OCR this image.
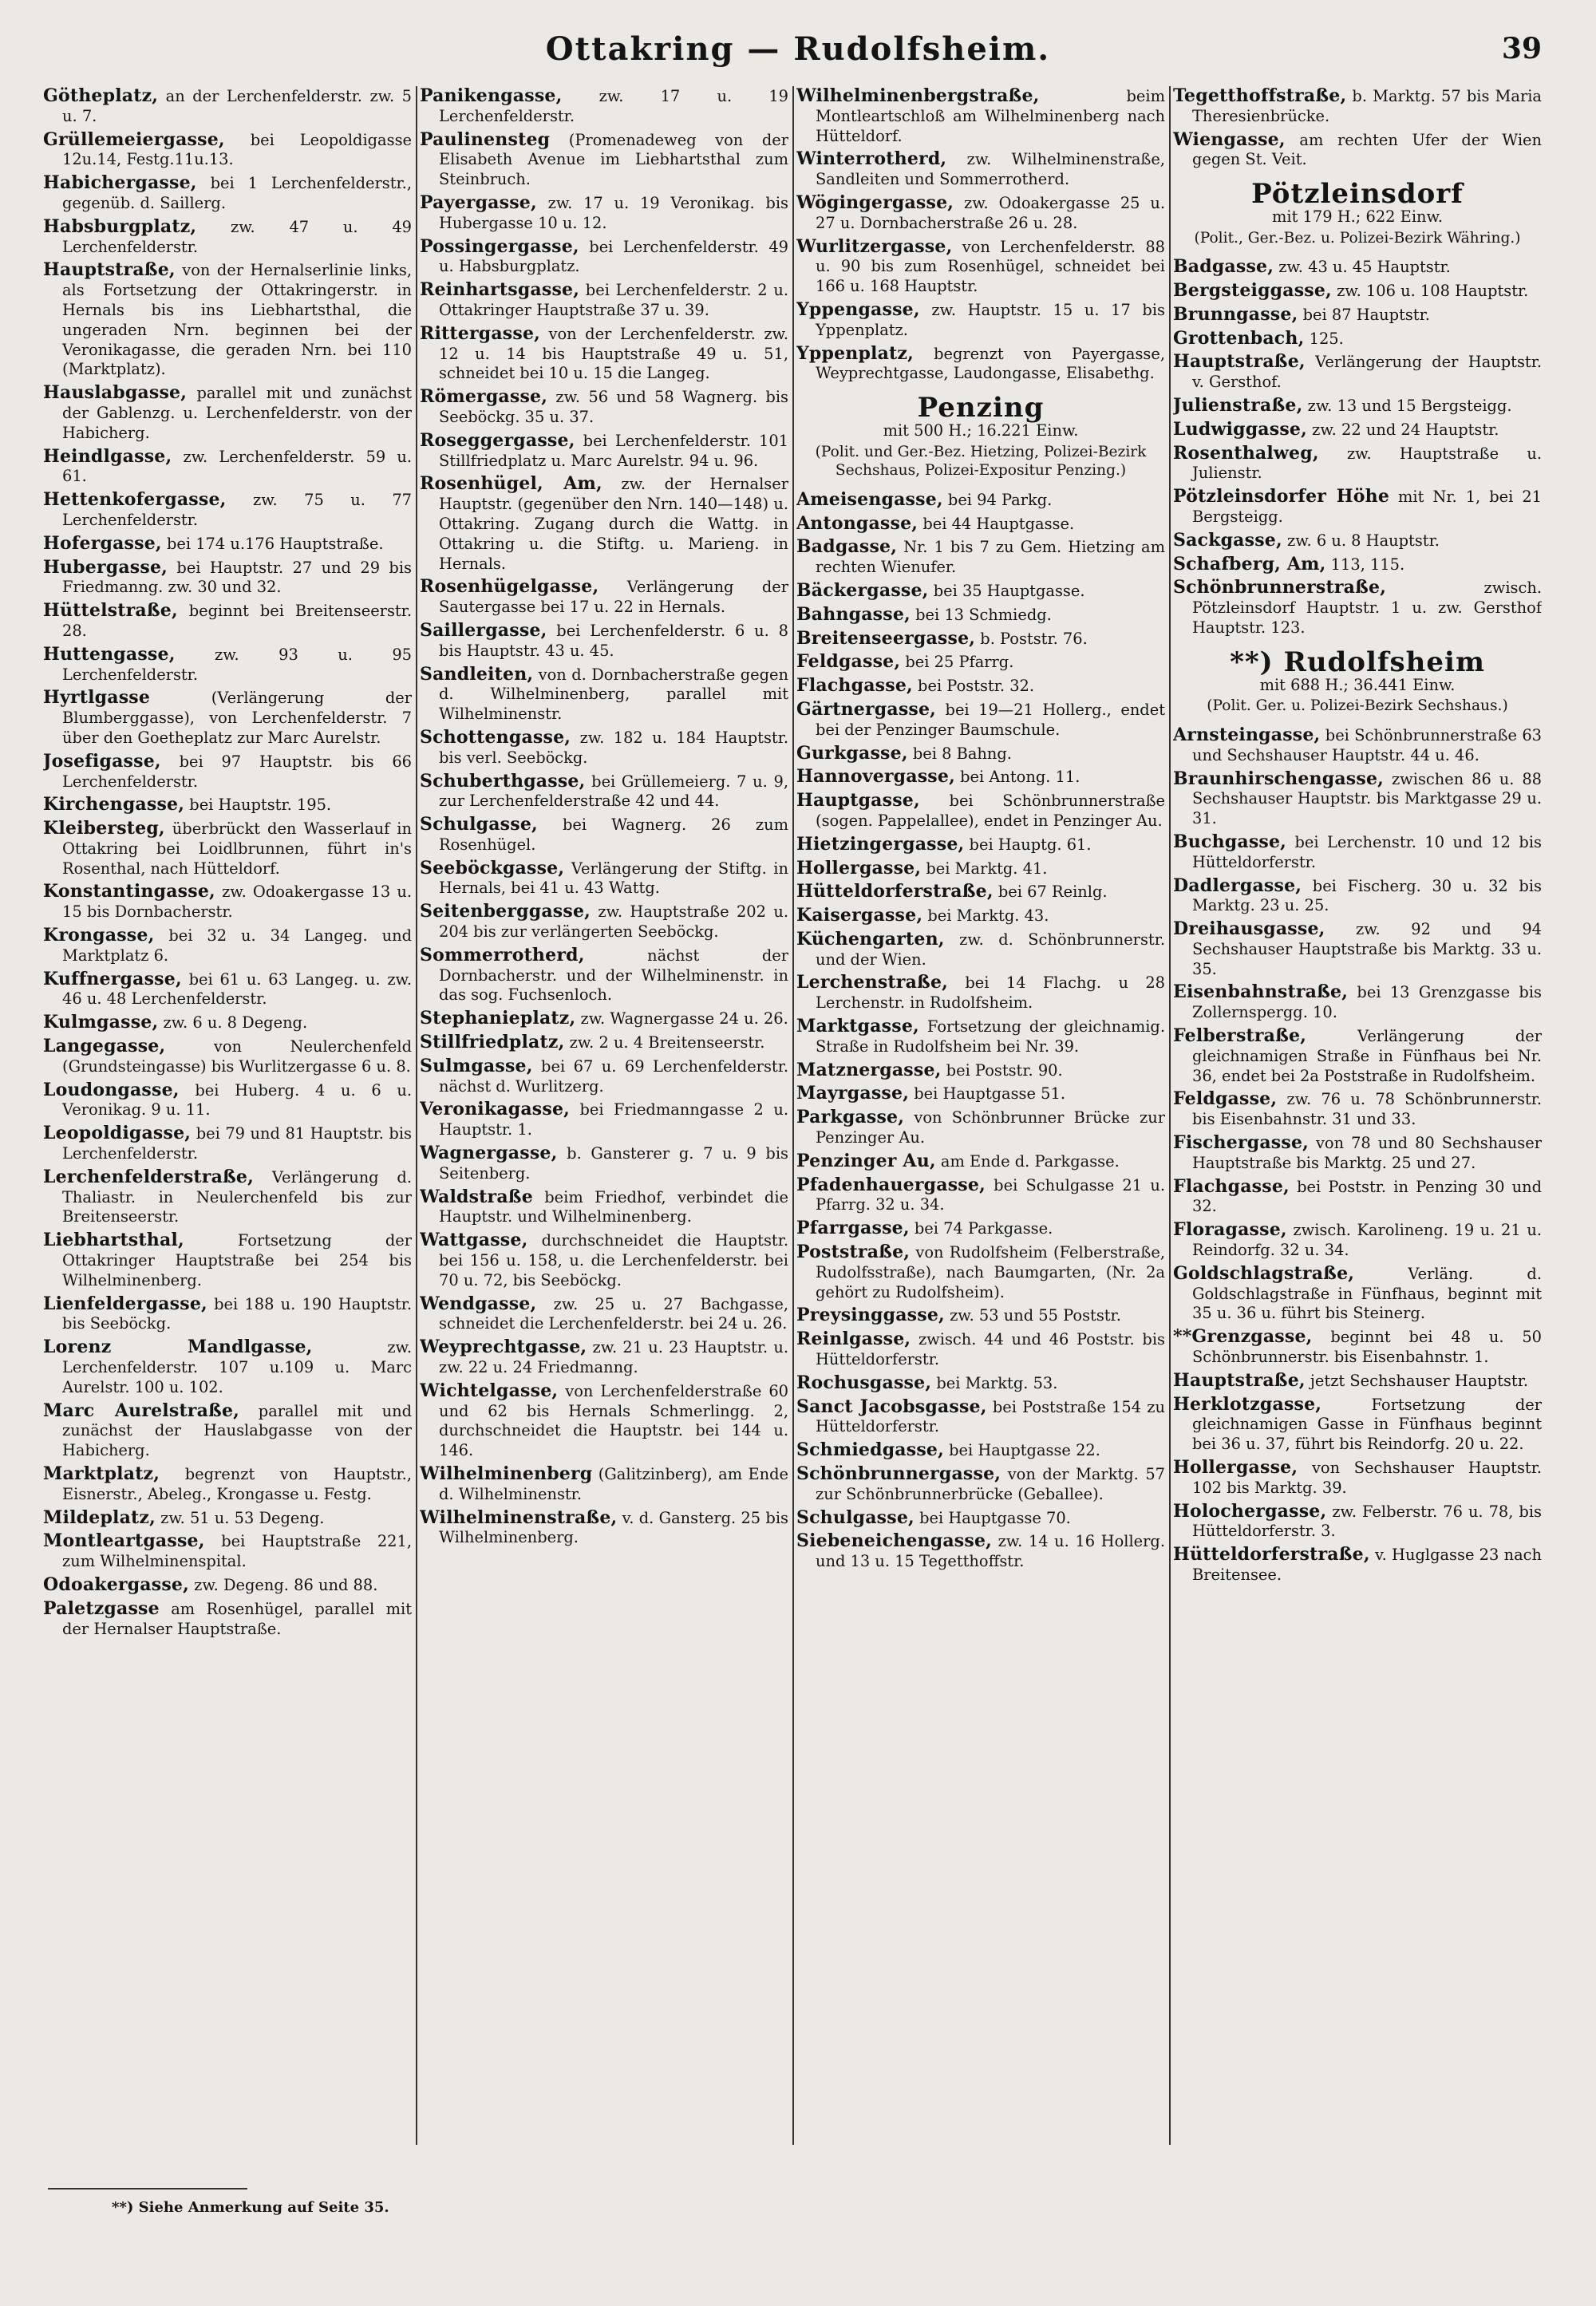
Ottakring — Rudolfsheim.	39
Götheplatz, an der Lerchenfelderstr. zw. 5 u. 7.
Grüllemeiergasse, bei Leopoldigasse 12u.14, Festg.11u.13.
Habichergasse, bei 1 Lerchenfelderstr., gegenüb. d. Saillerg.
Habsburgplatz, zw. 47 u. 49 Lerchenfelderstr.
Hauptstraße, von der Hernalserlinie links, als Fortsetzung der Ottakringerstr. in Hernals bis ins Liebhartsthal, die ungeraden Nrn. beginnen bei der Veronikagasse, die geraden Nrn. bei 110 (Marktplatz).
Hauslabgasse, parallel mit und zunächst der Gablenzg. u. Lerchenfelderstr. von der Habicherg.
Heindlgasse, zw. Lerchenfelderstr. 59 u. 61.
Hettenkofergasse, zw. 75 u. 77 Lerchenfelderstr.
Hofergasse, bei 174 u.176 Hauptstraße.
Hubergasse, bei Hauptstr. 27 und 29 bis Friedmanng. zw. 30 und 32.
Hüttelstraße, beginnt bei Breitenseerstr. 28.
Huttengasse, zw. 93 u. 95 Lerchenfelderstr.
Hyrtlgasse (Verlängerung der Blumberggasse), von Lerchenfelderstr. 7 über den Goetheplatz zur Marc Aurelstr.
Josefigasse, bei 97 Hauptstr. bis 66 Lerchenfelderstr.
Kirchengasse, bei Hauptstr. 195.
Kleibersteg, überbrückt den Wasserlauf in Ottakring bei Loidlbrunnen, führt in's Rosenthal, nach Hütteldorf.
Konstantingasse, zw. Odoakergasse 13 u. 15 bis Dornbacherstr.
Krongasse, bei 32 u. 34 Langeg. und Marktplatz 6.
Kuffnergasse, bei 61 u. 63 Langeg. u. zw. 46 u. 48 Lerchenfelderstr.
Kulmgasse, zw. 6 u. 8 Degeng.
Langegasse, von Neulerchenfeld (Grundsteingasse) bis Wurlitzergasse 6 u. 8.
Loudongasse, bei Huberg. 4 u. 6 u. Veronikag. 9 u. 11.
Leopoldigasse, bei 79 und 81 Hauptstr. bis Lerchenfelderstr.
Lerchenfelderstraße, Verlängerung d. Thaliastr. in Neulerchenfeld bis zur Breitenseerstr.
Liebhartsthal, Fortsetzung der Ottakringer Hauptstraße bei 254 bis Wilhelminenberg.
Lienfeldergasse, bei 188 u. 190 Hauptstr. bis Seeböckg.
Lorenz Mandlgasse, zw. Lerchenfelderstr. 107 u.109 u. Marc Aurelstr. 100 u. 102.
Marc Aurelstraße, parallel mit und zunächst der Hauslabgasse von der Habicherg.
Marktplatz, begrenzt von Hauptstr., Eisnerstr., Abeleg., Krongasse u. Festg.
Mildeplatz, zw. 51 u. 53 Degeng.
Montleartgasse, bei Hauptstraße 221, zum Wilhelminenspital.
Odoakergasse, zw. Degeng. 86 und 88.
Paletzgasse am Rosenhügel, parallel mit der Hernalser Hauptstraße.
Panikengasse, zw. 17 u. 19 Lerchenfelderstr.
Paulinensteg (Promenadeweg von der Elisabeth Avenue im Liebhartsthal zum Steinbruch.
Payergasse, zw. 17 u. 19 Veronikag. bis Hubergasse 10 u. 12.
Possingergasse, bei Lerchenfelderstr. 49 u. Habsburgplatz.
Reinhartsgasse, bei Lerchenfelderstr. 2 u. Ottakringer Hauptstraße 37 u. 39.
Rittergasse, von der Lerchenfelderstr. zw. 12 u. 14 bis Hauptstraße 49 u. 51, schneidet bei 10 u. 15 die Langeg.
Römergasse, zw. 56 und 58 Wagnerg. bis Seeböckg. 35 u. 37.
Roseggergasse, bei Lerchenfelderstr. 101 Stillfriedplatz u. Marc Aurelstr. 94 u. 96.
Rosenhügel, Am, zw. der Hernalser Hauptstr. (gegenüber den Nrn. 140—148) u. Ottakring. Zugang durch die Wattg. in Ottakring u. die Stiftg. u. Marieng. in Hernals.
Rosenhügelgasse, Verlängerung der Sautergasse bei 17 u. 22 in Hernals.
Saillergasse, bei Lerchenfelderstr. 6 u. 8 bis Hauptstr. 43 u. 45.
Sandleiten, von d. Dornbacherstraße gegen d. Wilhelminenberg, parallel mit Wilhelminenstr.
Schottengasse, zw. 182 u. 184 Hauptstr. bis verl. Seeböckg.
Schuberthgasse, bei Grüllemeierg. 7 u. 9, zur Lerchenfelderstraße 42 und 44.
Schulgasse, bei Wagnerg. 26 zum Rosenhügel.
Seeböckgasse, Verlängerung der Stiftg. in Hernals, bei 41 u. 43 Wattg.
Seitenberggasse, zw. Hauptstraße 202 u. 204 bis zur verlängerten Seeböckg.
Sommerrotherd, nächst der Dornbacherstr. und der Wilhelminenstr. in das sog. Fuchsenloch.
Stephanieplatz, zw. Wagnergasse 24 u. 26.
Stillfriedplatz, zw. 2 u. 4 Breitenseerstr.
Sulmgasse, bei 67 u. 69 Lerchenfelderstr. nächst d. Wurlitzerg.
Veronikagasse, bei Friedmanngasse 2 u. Hauptstr. 1.
Wagnergasse, b. Gansterer g. 7 u. 9 bis Seitenberg.
Waldstraße beim Friedhof, verbindet die Hauptstr. und Wilhelminenberg.
Wattgasse, durchschneidet die Hauptstr. bei 156 u. 158, u. die Lerchenfelderstr. bei 70 u. 72, bis Seeböckg.
Wendgasse, zw. 25 u. 27 Bachgasse, schneidet die Lerchenfelderstr. bei 24 u. 26.
Weyprechtgasse, zw. 21 u. 23 Hauptstr. u. zw. 22 u. 24 Friedmanng.
Wichtelgasse, von Lerchenfelderstraße 60 und 62 bis Hernals Schmerlingg. 2, durchschneidet die Hauptstr. bei 144 u. 146.
Wilhelminenberg (Galitzinberg), am Ende d. Wilhelminenstr.
Wilhelminenstraße, v. d. Gansterg. 25 bis Wilhelminenberg.
Wilhelminenbergstraße, beim Montleartschloß am Wilhelminenberg nach Hütteldorf.
Winterrotherd, zw. Wilhelminenstraße, Sandleiten und Sommerrotherd.
Wögingergasse, zw. Odoakergasse 25 u. 27 u. Dornbacherstraße 26 u. 28.
Wurlitzergasse, von Lerchenfelderstr. 88 u. 90 bis zum Rosenhügel, schneidet bei 166 u. 168 Hauptstr.
Yppengasse, zw. Hauptstr. 15 u. 17 bis Yppenplatz.
Yppenplatz, begrenzt von Payergasse, Weyprechtgasse, Laudongasse, Elisabethg.
Penzing
mit 500 H.; 16.221 Einw.
(Polit. und Ger.-Bez. Hietzing, Polizei-Bezirk Sechshaus, Polizei-Expositur Penzing.)
Ameisengasse, bei 94 Parkg.
Antongasse, bei 44 Hauptgasse.
Badgasse, Nr. 1 bis 7 zu Gem. Hietzing am rechten Wienufer.
Bäckergasse, bei 35 Hauptgasse.
Bahngasse, bei 13 Schmiedg.
Breitenseergasse, b. Poststr. 76.
Feldgasse, bei 25 Pfarrg.
Flachgasse, bei Poststr. 32.
Gärtnergasse, bei 19—21 Hollerg., endet bei der Penzinger Baumschule.
Gurkgasse, bei 8 Bahng.
Hannovergasse, bei Antong. 11.
Hauptgasse, bei Schönbrunnerstraße (sogen. Pappelallee), endet in Penzinger Au.
Hietzingergasse, bei Hauptg. 61.
Hollergasse, bei Marktg. 41.
Hütteldorferstraße, bei 67 Reinlg.
Kaisergasse, bei Marktg. 43.
Küchengarten, zw. d. Schönbrunnerstr. und der Wien.
Lerchenstraße, bei 14 Flachg. u 28 Lerchenstr. in Rudolfsheim.
Marktgasse, Fortsetzung der gleichnamig. Straße in Rudolfsheim bei Nr. 39.
Matznergasse, bei Poststr. 90.
Mayrgasse, bei Hauptgasse 51.
Parkgasse, von Schönbrunner Brücke zur Penzinger Au.
Penzinger Au, am Ende d. Parkgasse.
Pfadenhauergasse, bei Schulgasse 21 u. Pfarrg. 32 u. 34.
Pfarrgasse, bei 74 Parkgasse.
Poststraße, von Rudolfsheim (Felberstraße, Rudolfsstraße), nach Baumgarten, (Nr. 2a gehört zu Rudolfsheim).
Preysinggasse, zw. 53 und 55 Poststr.
Reinlgasse, zwisch. 44 und 46 Poststr. bis Hütteldorferstr.
Rochusgasse, bei Marktg. 53.
Sanct Jacobsgasse, bei Poststraße 154 zu Hütteldorferstr.
Schmiedgasse, bei Hauptgasse 22.
Schönbrunnergasse, von der Marktg. 57 zur Schönbrunnerbrücke (Geballee).
Schulgasse, bei Hauptgasse 70.
Siebeneichengasse, zw. 14 u. 16 Hollerg. und 13 u. 15 Tegetthoffstr.
Tegetthoffstraße, b. Marktg. 57 bis Maria Theresienbrücke.
Wiengasse, am rechten Ufer der Wien gegen St. Veit.
Pötzleinsdorf
mit 179 H.; 622 Einw.
(Polit., Ger.-Bez. u. Polizei-Bezirk Währing.)
Badgasse, zw. 43 u. 45 Hauptstr.
Bergsteiggasse, zw. 106 u. 108 Hauptstr.
Brunngasse, bei 87 Hauptstr.
Grottenbach, 125.
Hauptstraße, Verlängerung der Hauptstr. v. Gersthof.
Julienstraße, zw. 13 und 15 Bergsteigg.
Ludwiggasse, zw. 22 und 24 Hauptstr.
Rosenthalweg, zw. Hauptstraße u. Julienstr.
Pötzleinsdorfer Höhe mit Nr. 1, bei 21 Bergsteigg.
Sackgasse, zw. 6 u. 8 Hauptstr.
Schafberg, Am, 113, 115.
Schönbrunnerstraße, zwisch. Pötzleinsdorf Hauptstr. 1 u. zw. Gersthof Hauptstr. 123.
**) Rudolfsheim
mit 688 H.; 36.441 Einw.
(Polit. Ger. u. Polizei-Bezirk Sechshaus.)
Arnsteingasse, bei Schönbrunnerstraße 63 und Sechshauser Hauptstr. 44 u. 46.
Braunhirschengasse, zwischen 86 u. 88 Sechshauser Hauptstr. bis Marktgasse 29 u. 31.
Buchgasse, bei Lerchenstr. 10 und 12 bis Hütteldorferstr.
Dadlergasse, bei Fischerg. 30 u. 32 bis Marktg. 23 u. 25.
Dreihausgasse, zw. 92 und 94 Sechshauser Hauptstraße bis Marktg. 33 u. 35.
Eisenbahnstraße, bei 13 Grenzgasse bis Zollernspergg. 10.
Felberstraße, Verlängerung der gleichnamigen Straße in Fünfhaus bei Nr. 36, endet bei 2a Poststraße in Rudolfsheim.
Feldgasse, zw. 76 u. 78 Schönbrunnerstr. bis Eisenbahnstr. 31 und 33.
Fischergasse, von 78 und 80 Sechshauser Hauptstraße bis Marktg. 25 und 27.
Flachgasse, bei Poststr. in Penzing 30 und 32.
Floragasse, zwisch. Karolineng. 19 u. 21 u. Reindorfg. 32 u. 34.
Goldschlagstraße, Verläng. d. Goldschlagstraße in Fünfhaus, beginnt mit 35 u. 36 u. führt bis Steinerg.
**Grenzgasse, beginnt bei 48 u. 50 Schönbrunnerstr. bis Eisenbahnstr. 1.
Hauptstraße, jetzt Sechshauser Hauptstr.
Herklotzgasse, Fortsetzung der gleichnamigen Gasse in Fünfhaus beginnt bei 36 u. 37, führt bis Reindorfg. 20 u. 22.
Hollergasse, von Sechshauser Hauptstr. 102 bis Marktg. 39.
Holochergasse, zw. Felberstr. 76 u. 78, bis Hütteldorferstr. 3.
Hütteldorferstraße, v. Huglgasse 23 nach Breitensee.
**) Siehe Anmerkung auf Seite 35.
